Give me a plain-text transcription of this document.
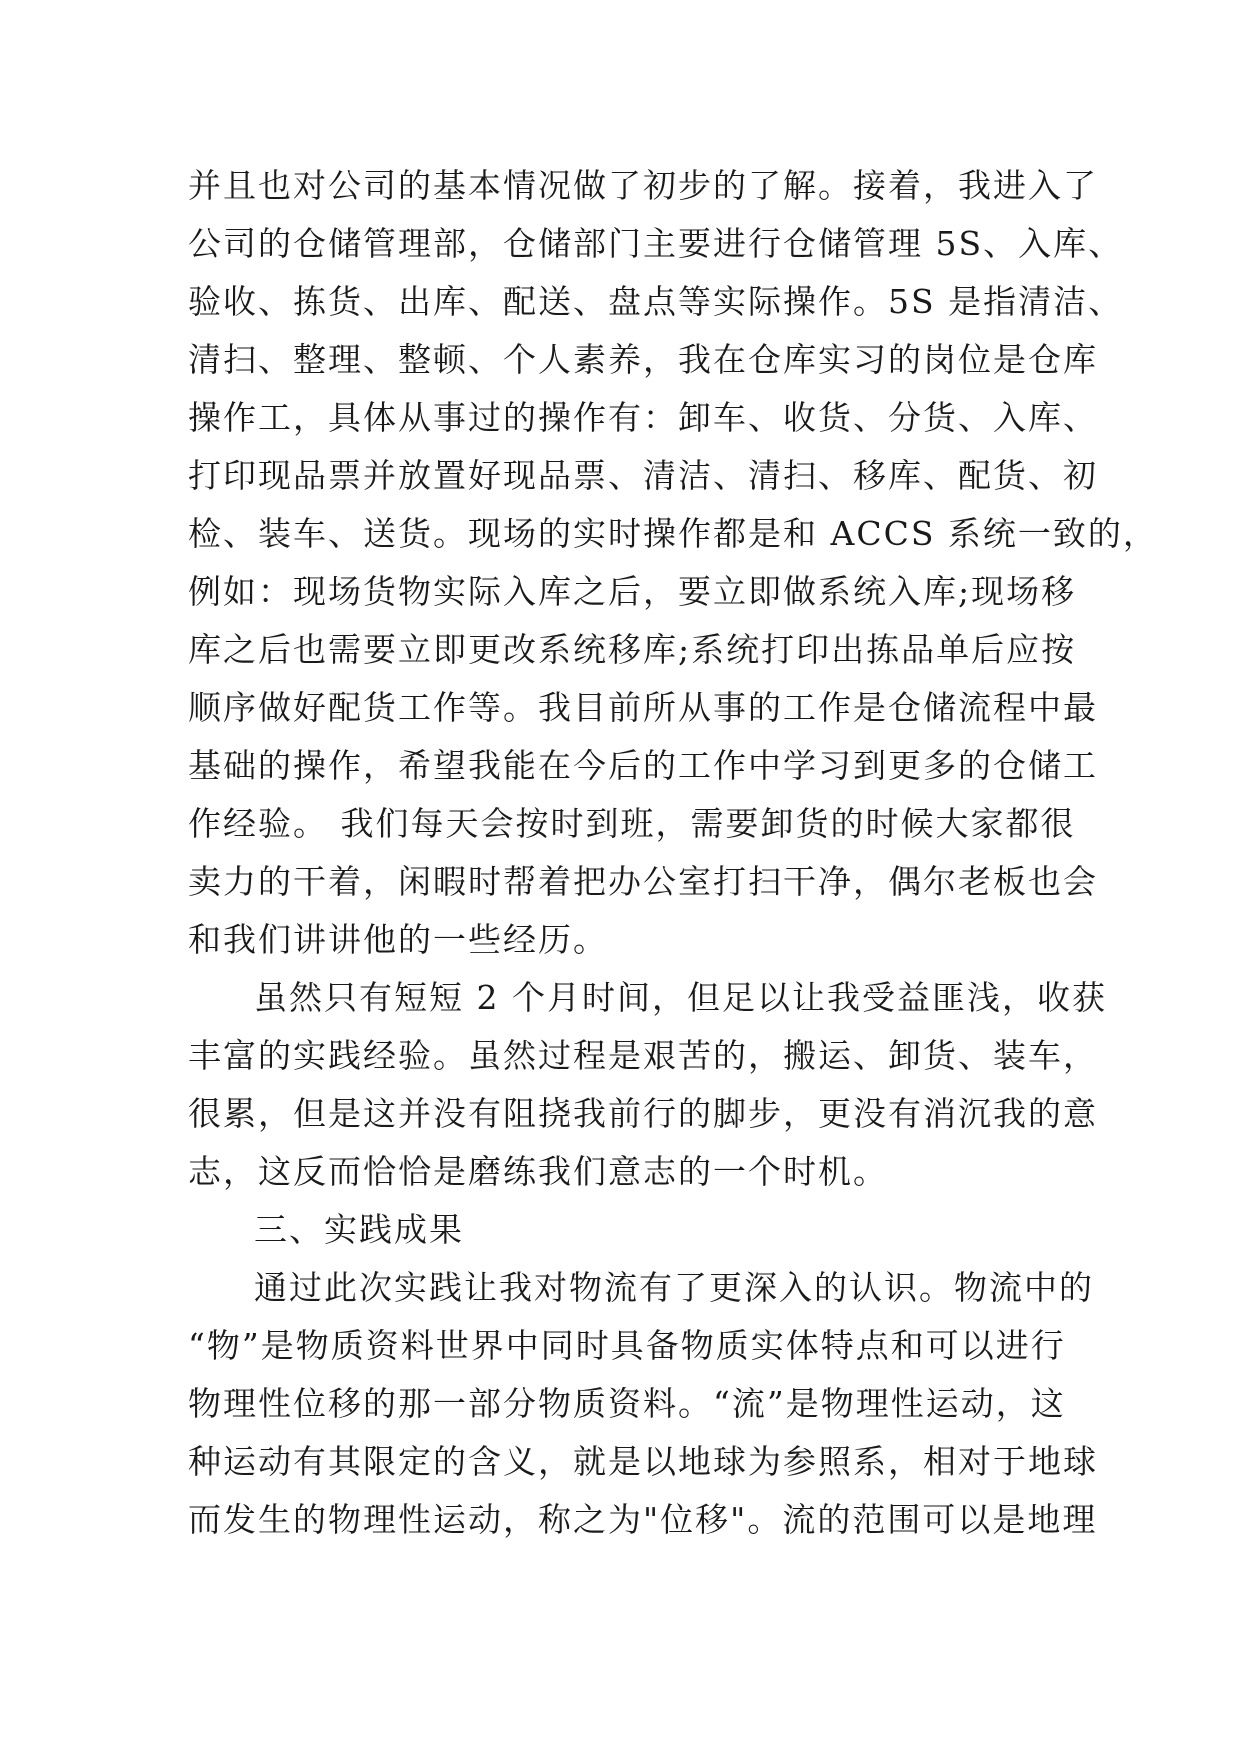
并且也对公司的基本情况做了初步的了解。接着，我进入了
公司的仓储管理部，仓储部门主要进行仓储管理 5S、入库、
验收、拣货、出库、配送、盘点等实际操作。5S 是指清洁、
清扫、整理、整顿、个人素养，我在仓库实习的岗位是仓库
操作工，具体从事过的操作有：卸车、收货、分货、入库、
打印现品票并放置好现品票、清洁、清扫、移库、配货、初
检、装车、送货。现场的实时操作都是和 ACCS 系统一致的，
例如：现场货物实际入库之后，要立即做系统入库;现场移
库之后也需要立即更改系统移库;系统打印出拣品单后应按
顺序做好配货工作等。我目前所从事的工作是仓储流程中最
基础的操作，希望我能在今后的工作中学习到更多的仓储工
作经验。 我们每天会按时到班，需要卸货的时候大家都很
卖力的干着，闲暇时帮着把办公室打扫干净，偶尔老板也会
和我们讲讲他的一些经历。
虽然只有短短 2 个月时间，但足以让我受益匪浅，收获
丰富的实践经验。虽然过程是艰苦的，搬运、卸货、装车，
很累，但是这并没有阻挠我前行的脚步，更没有消沉我的意
志，这反而恰恰是磨练我们意志的一个时机。
三、实践成果
通过此次实践让我对物流有了更深入的认识。物流中的
“物”是物质资料世界中同时具备物质实体特点和可以进行
物理性位移的那一部分物质资料。“流”是物理性运动，这
种运动有其限定的含义，就是以地球为参照系，相对于地球
而发生的物理性运动，称之为"位移"。流的范围可以是地理
